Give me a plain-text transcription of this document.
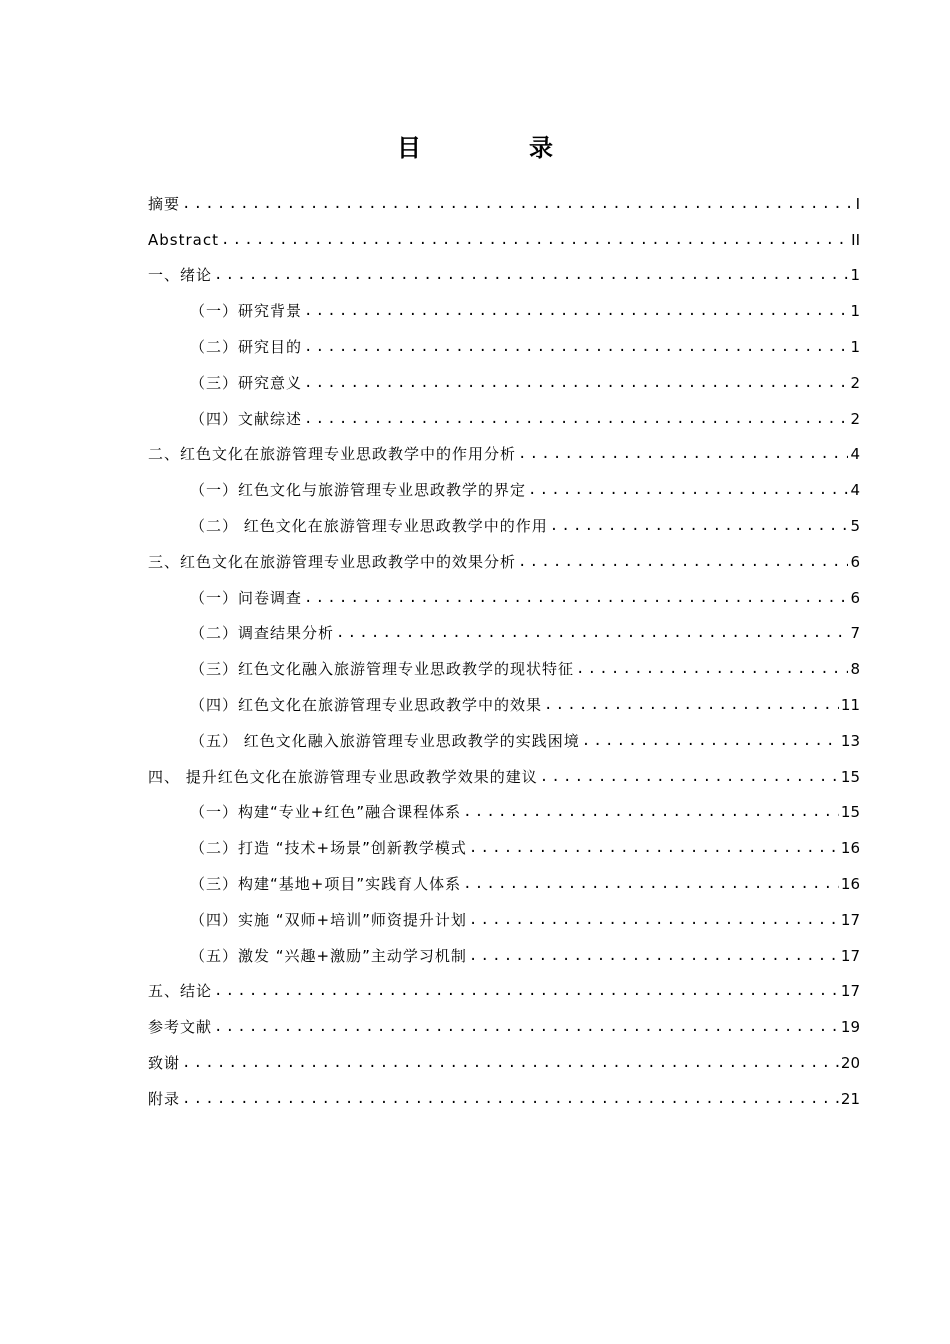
目　录
摘要 .....	I
Abstract .....	II
一、绪论 .....	1
（一）研究背景 .....	1
（二）研究目的 .....	1
（三）研究意义 .....	2
（四）文献综述 .....	2
二、红色文化在旅游管理专业思政教学中的作用分析 .....	4
（一）红色文化与旅游管理专业思政教学的界定 .....	4
（二） 红色文化在旅游管理专业思政教学中的作用 .....	5
三、红色文化在旅游管理专业思政教学中的效果分析 .....	6
（一）问卷调查 .....	6
（二）调查结果分析 .....	7
（三）红色文化融入旅游管理专业思政教学的现状特征 .....	8
（四）红色文化在旅游管理专业思政教学中的效果 .....	11
（五） 红色文化融入旅游管理专业思政教学的实践困境 .....	13
四、 提升红色文化在旅游管理专业思政教学效果的建议 .....	15
（一）构建“专业+红色”融合课程体系 .....	15
（二）打造 “技术+场景”创新教学模式 .....	16
（三）构建“基地+项目”实践育人体系 .....	16
（四）实施 “双师+培训”师资提升计划 .....	17
（五）激发 “兴趣+激励”主动学习机制 .....	17
五、结论 .....	17
参考文献 .....	19
致谢 .....	20
附录 .....	21
